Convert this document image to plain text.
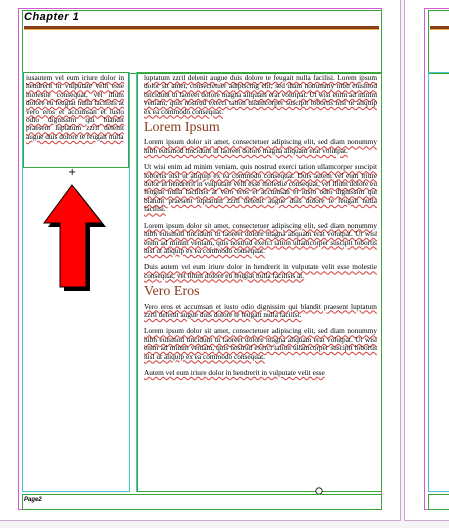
Chapter 1
iusautem vel eum iriure dolor in hendrerit in vulputate velit esse molestie consequat, vel illum dolore eu feugiat nulla facilisis at vero eros et accumsan et iusto odio dignissim qui blandit praesent luptatum zzril delenit augue duis dolore te feugait nulla
+

luptatum zzril delenit augue duis dolore te feugait nulla facilisi. Lorem ipsum dolor sit amet, consectetuer adipiscing elit, sed diam nonummy nibh euismod tincidunt ut laoreet dolore magna aliquam erat volutpat. Ut wisi enim ad minim veniam, quis nostrud exerci tation ullamcorper suscipit lobortis nisl ut aliquip ex ea commodo consequat.

Lorem Ipsum

Lorem ipsum dolor sit amet, consectetuer adipiscing elit, sed diam nonummy nibh euismod tincidunt ut laoreet dolore magna aliquam erat volutpat.

Ut wisi enim ad minim veniam, quis nostrud exerci tation ullamcorper suscipit lobortis nisl ut aliquip ex ea commodo consequat. Duis autem vel eum iriure dolor in hendrerit in vulputate velit esse molestie consequat, vel illum dolore eu feugiat nulla facilisis at vero eros et accumsan et iusto odio dignissim qui blandit praesent luptatum zzril delenit augue duis dolore te feugait nulla facilisi.

Lorem ipsum dolor sit amet, consectetuer adipiscing elit, sed diam nonummy nibh euismod tincidunt ut laoreet dolore magna aliquam erat volutpat. Ut wisi enim ad minim veniam, quis nostrud exerci tation ullamcorper suscipit lobortis nisl ut aliquip ex ea commodo consequat.

Duis autem vel eum iriure dolor in hendrerit in vulputate velit esse molestie consequat, vel illum dolore eu feugiat nulla facilisis at.

Vero Eros

Vero eros et accumsan et iusto odio dignissim qui blandit praesent luptatum zzril delenit augue duis dolore te feugait nulla facilisi.

Lorem ipsum dolor sit amet, consectetuer adipiscing elit, sed diam nonummy nibh euismod tincidunt ut laoreet dolore magna aliquam erat volutpat. Ut wisi enim ad minim veniam, quis nostrud exerci tation ullamcorper suscipit lobortis nisl ut aliquip ex ea commodo consequat.

Autem vel eum iriure dolor in hendrerit in vulputate velit esse

Page2
